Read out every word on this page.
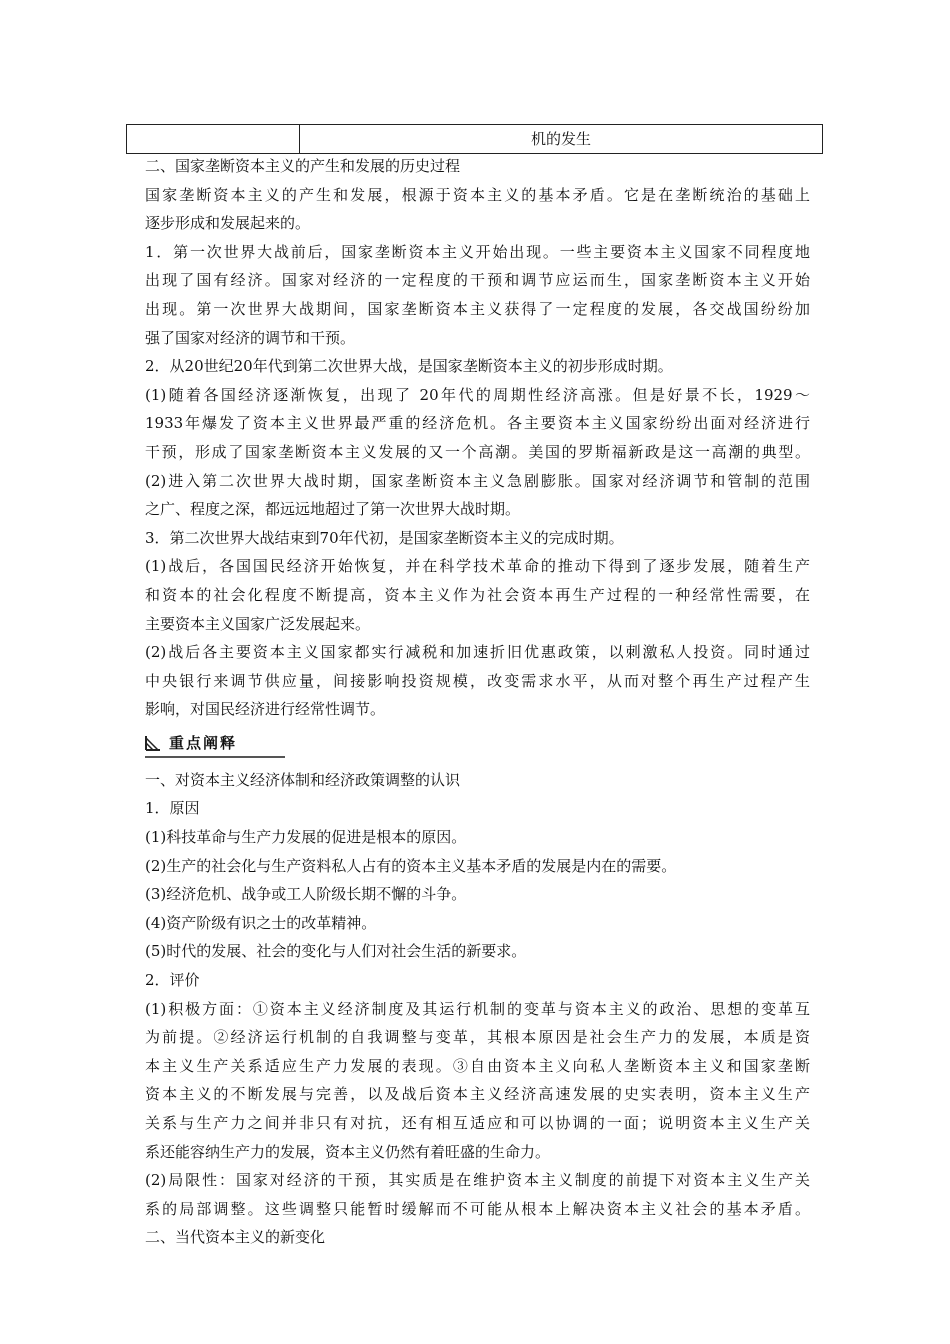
机的发生
二、国家垄断资本主义的产生和发展的历史过程
国家垄断资本主义的产生和发展，根源于资本主义的基本矛盾。它是在垄断统治的基础上
逐步形成和发展起来的。
1．第一次世界大战前后，国家垄断资本主义开始出现。一些主要资本主义国家不同程度地
出现了国有经济。国家对经济的一定程度的干预和调节应运而生，国家垄断资本主义开始
出现。第一次世界大战期间，国家垄断资本主义获得了一定程度的发展，各交战国纷纷加
强了国家对经济的调节和干预。
2．从20世纪20年代到第二次世界大战，是国家垄断资本主义的初步形成时期。
(1)随着各国经济逐渐恢复，出现了 20年代的周期性经济高涨。但是好景不长，1929～
1933年爆发了资本主义世界最严重的经济危机。各主要资本主义国家纷纷出面对经济进行
干预，形成了国家垄断资本主义发展的又一个高潮。美国的罗斯福新政是这一高潮的典型。
(2)进入第二次世界大战时期，国家垄断资本主义急剧膨胀。国家对经济调节和管制的范围
之广、程度之深，都远远地超过了第一次世界大战时期。
3．第二次世界大战结束到70年代初，是国家垄断资本主义的完成时期。
(1)战后，各国国民经济开始恢复，并在科学技术革命的推动下得到了逐步发展，随着生产
和资本的社会化程度不断提高，资本主义作为社会资本再生产过程的一种经常性需要，在
主要资本主义国家广泛发展起来。
(2)战后各主要资本主义国家都实行减税和加速折旧优惠政策，以刺激私人投资。同时通过
中央银行来调节供应量，间接影响投资规模，改变需求水平，从而对整个再生产过程产生
影响，对国民经济进行经常性调节。
重点阐释
一、对资本主义经济体制和经济政策调整的认识
1．原因
(1)科技革命与生产力发展的促进是根本的原因。
(2)生产的社会化与生产资料私人占有的资本主义基本矛盾的发展是内在的需要。
(3)经济危机、战争或工人阶级长期不懈的斗争。
(4)资产阶级有识之士的改革精神。
(5)时代的发展、社会的变化与人们对社会生活的新要求。
2．评价
(1)积极方面：①资本主义经济制度及其运行机制的变革与资本主义的政治、思想的变革互
为前提。②经济运行机制的自我调整与变革，其根本原因是社会生产力的发展，本质是资
本主义生产关系适应生产力发展的表现。③自由资本主义向私人垄断资本主义和国家垄断
资本主义的不断发展与完善，以及战后资本主义经济高速发展的史实表明，资本主义生产
关系与生产力之间并非只有对抗，还有相互适应和可以协调的一面；说明资本主义生产关
系还能容纳生产力的发展，资本主义仍然有着旺盛的生命力。
(2)局限性：国家对经济的干预，其实质是在维护资本主义制度的前提下对资本主义生产关
系的局部调整。这些调整只能暂时缓解而不可能从根本上解决资本主义社会的基本矛盾。
二、当代资本主义的新变化
